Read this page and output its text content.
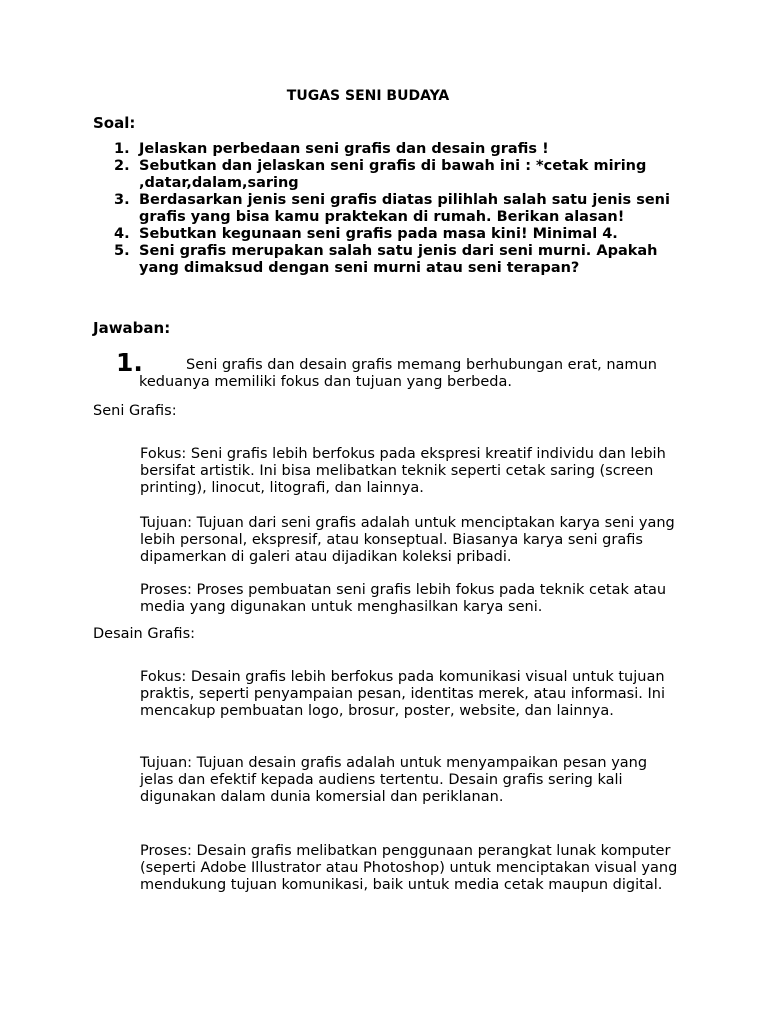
TUGAS SENI BUDAYA
Soal:
1. Jelaskan perbedaan seni grafis dan desain grafis !
2. Sebutkan dan jelaskan seni grafis di bawah ini : *cetak miring ,datar,dalam,saring
3. Berdasarkan jenis seni grafis diatas pilihlah salah satu jenis seni grafis yang bisa kamu praktekan di rumah. Berikan alasan!
4. Sebutkan kegunaan seni grafis pada masa kini! Minimal 4.
5. Seni grafis merupakan salah satu jenis dari seni murni. Apakah yang dimaksud dengan seni murni atau seni terapan?
Jawaban:
1.	Seni grafis dan desain grafis memang berhubungan erat, namun keduanya memiliki fokus dan tujuan yang berbeda.
Seni Grafis:
Fokus: Seni grafis lebih berfokus pada ekspresi kreatif individu dan lebih bersifat artistik. Ini bisa melibatkan teknik seperti cetak saring (screen printing), linocut, litografi, dan lainnya.
Tujuan: Tujuan dari seni grafis adalah untuk menciptakan karya seni yang lebih personal, ekspresif, atau konseptual. Biasanya karya seni grafis dipamerkan di galeri atau dijadikan koleksi pribadi.
Proses: Proses pembuatan seni grafis lebih fokus pada teknik cetak atau media yang digunakan untuk menghasilkan karya seni.
Desain Grafis:
Fokus: Desain grafis lebih berfokus pada komunikasi visual untuk tujuan praktis, seperti penyampaian pesan, identitas merek, atau informasi. Ini mencakup pembuatan logo, brosur, poster, website, dan lainnya.
Tujuan: Tujuan desain grafis adalah untuk menyampaikan pesan yang jelas dan efektif kepada audiens tertentu. Desain grafis sering kali digunakan dalam dunia komersial dan periklanan.
Proses: Desain grafis melibatkan penggunaan perangkat lunak komputer (seperti Adobe Illustrator atau Photoshop) untuk menciptakan visual yang mendukung tujuan komunikasi, baik untuk media cetak maupun digital.
